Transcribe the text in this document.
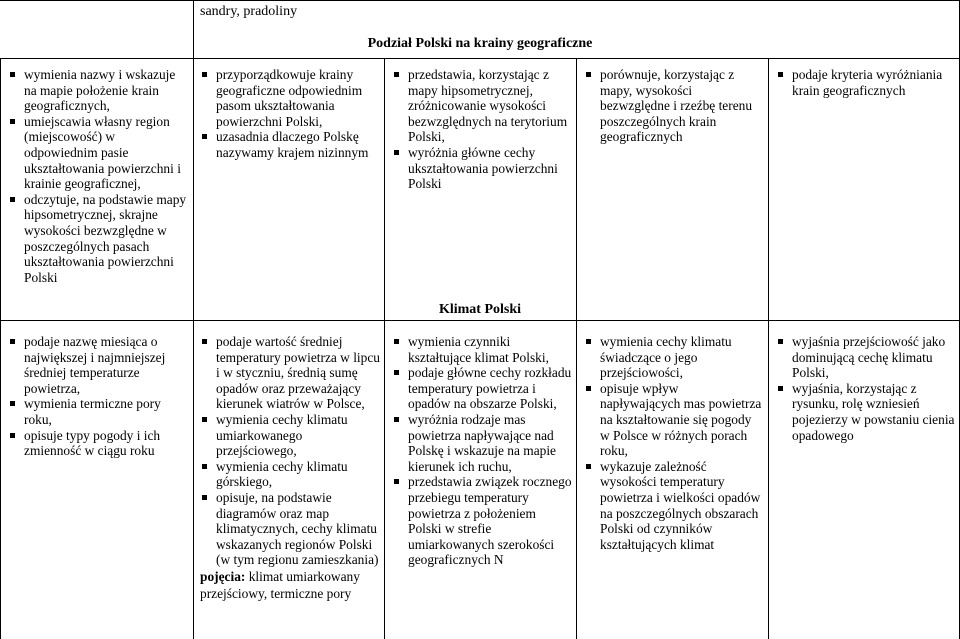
sandry, pradoliny
Podział Polski na krainy geograficzne
wymienia nazwy i wskazuje na mapie położenie krain geograficznych,
umiejscawia własny region (miejscowość) w odpowiednim pasie ukształtowania powierzchni i krainie geograficznej,
odczytuje, na podstawie mapy hipsometrycznej, skrajne wysokości bezwzględne w poszczególnych pasach ukształtowania powierzchni Polski
przyporządkowuje krainy geograficzne odpowiednim pasom ukształtowania powierzchni Polski,
uzasadnia dlaczego Polskę nazywamy krajem nizinnym
przedstawia, korzystając z mapy hipsometrycznej, zróżnicowanie wysokości bezwzględnych na terytorium Polski,
wyróżnia główne cechy ukształtowania powierzchni Polski
porównuje, korzystając z mapy, wysokości bezwzględne i rzeźbę terenu poszczególnych krain geograficznych
podaje kryteria wyróżniania krain geograficznych
Klimat Polski
podaje nazwę miesiąca o największej i najmniejszej średniej temperaturze powietrza,
wymienia termiczne pory roku,
opisuje typy pogody i ich zmienność w ciągu roku
podaje wartość średniej temperatury powietrza w lipcu i w styczniu, średnią sumę opadów oraz przeważający kierunek wiatrów w Polsce,
wymienia cechy klimatu umiarkowanego przejściowego,
wymienia cechy klimatu górskiego,
opisuje, na podstawie diagramów oraz map klimatycznych, cechy klimatu wskazanych regionów Polski (w tym regionu zamieszkania)
pojęcia: klimat umiarkowany przejściowy, termiczne pory
wymienia czynniki kształtujące klimat Polski,
podaje główne cechy rozkładu temperatury powietrza i opadów na obszarze Polski,
wyróżnia rodzaje mas powietrza napływające nad Polskę i wskazuje na mapie kierunek ich ruchu,
przedstawia związek rocznego przebiegu temperatury powietrza z położeniem Polski w strefie umiarkowanych szerokości geograficznych N
wymienia cechy klimatu świadczące o jego przejściowości,
opisuje wpływ napływających mas powietrza na kształtowanie się pogody w Polsce w różnych porach roku,
wykazuje zależność wysokości temperatury powietrza i wielkości opadów na poszczególnych obszarach Polski od czynników kształtujących klimat
wyjaśnia przejściowość jako dominującą cechę klimatu Polski,
wyjaśnia, korzystając z rysunku, rolę wzniesień pojezierzy w powstaniu cienia opadowego
